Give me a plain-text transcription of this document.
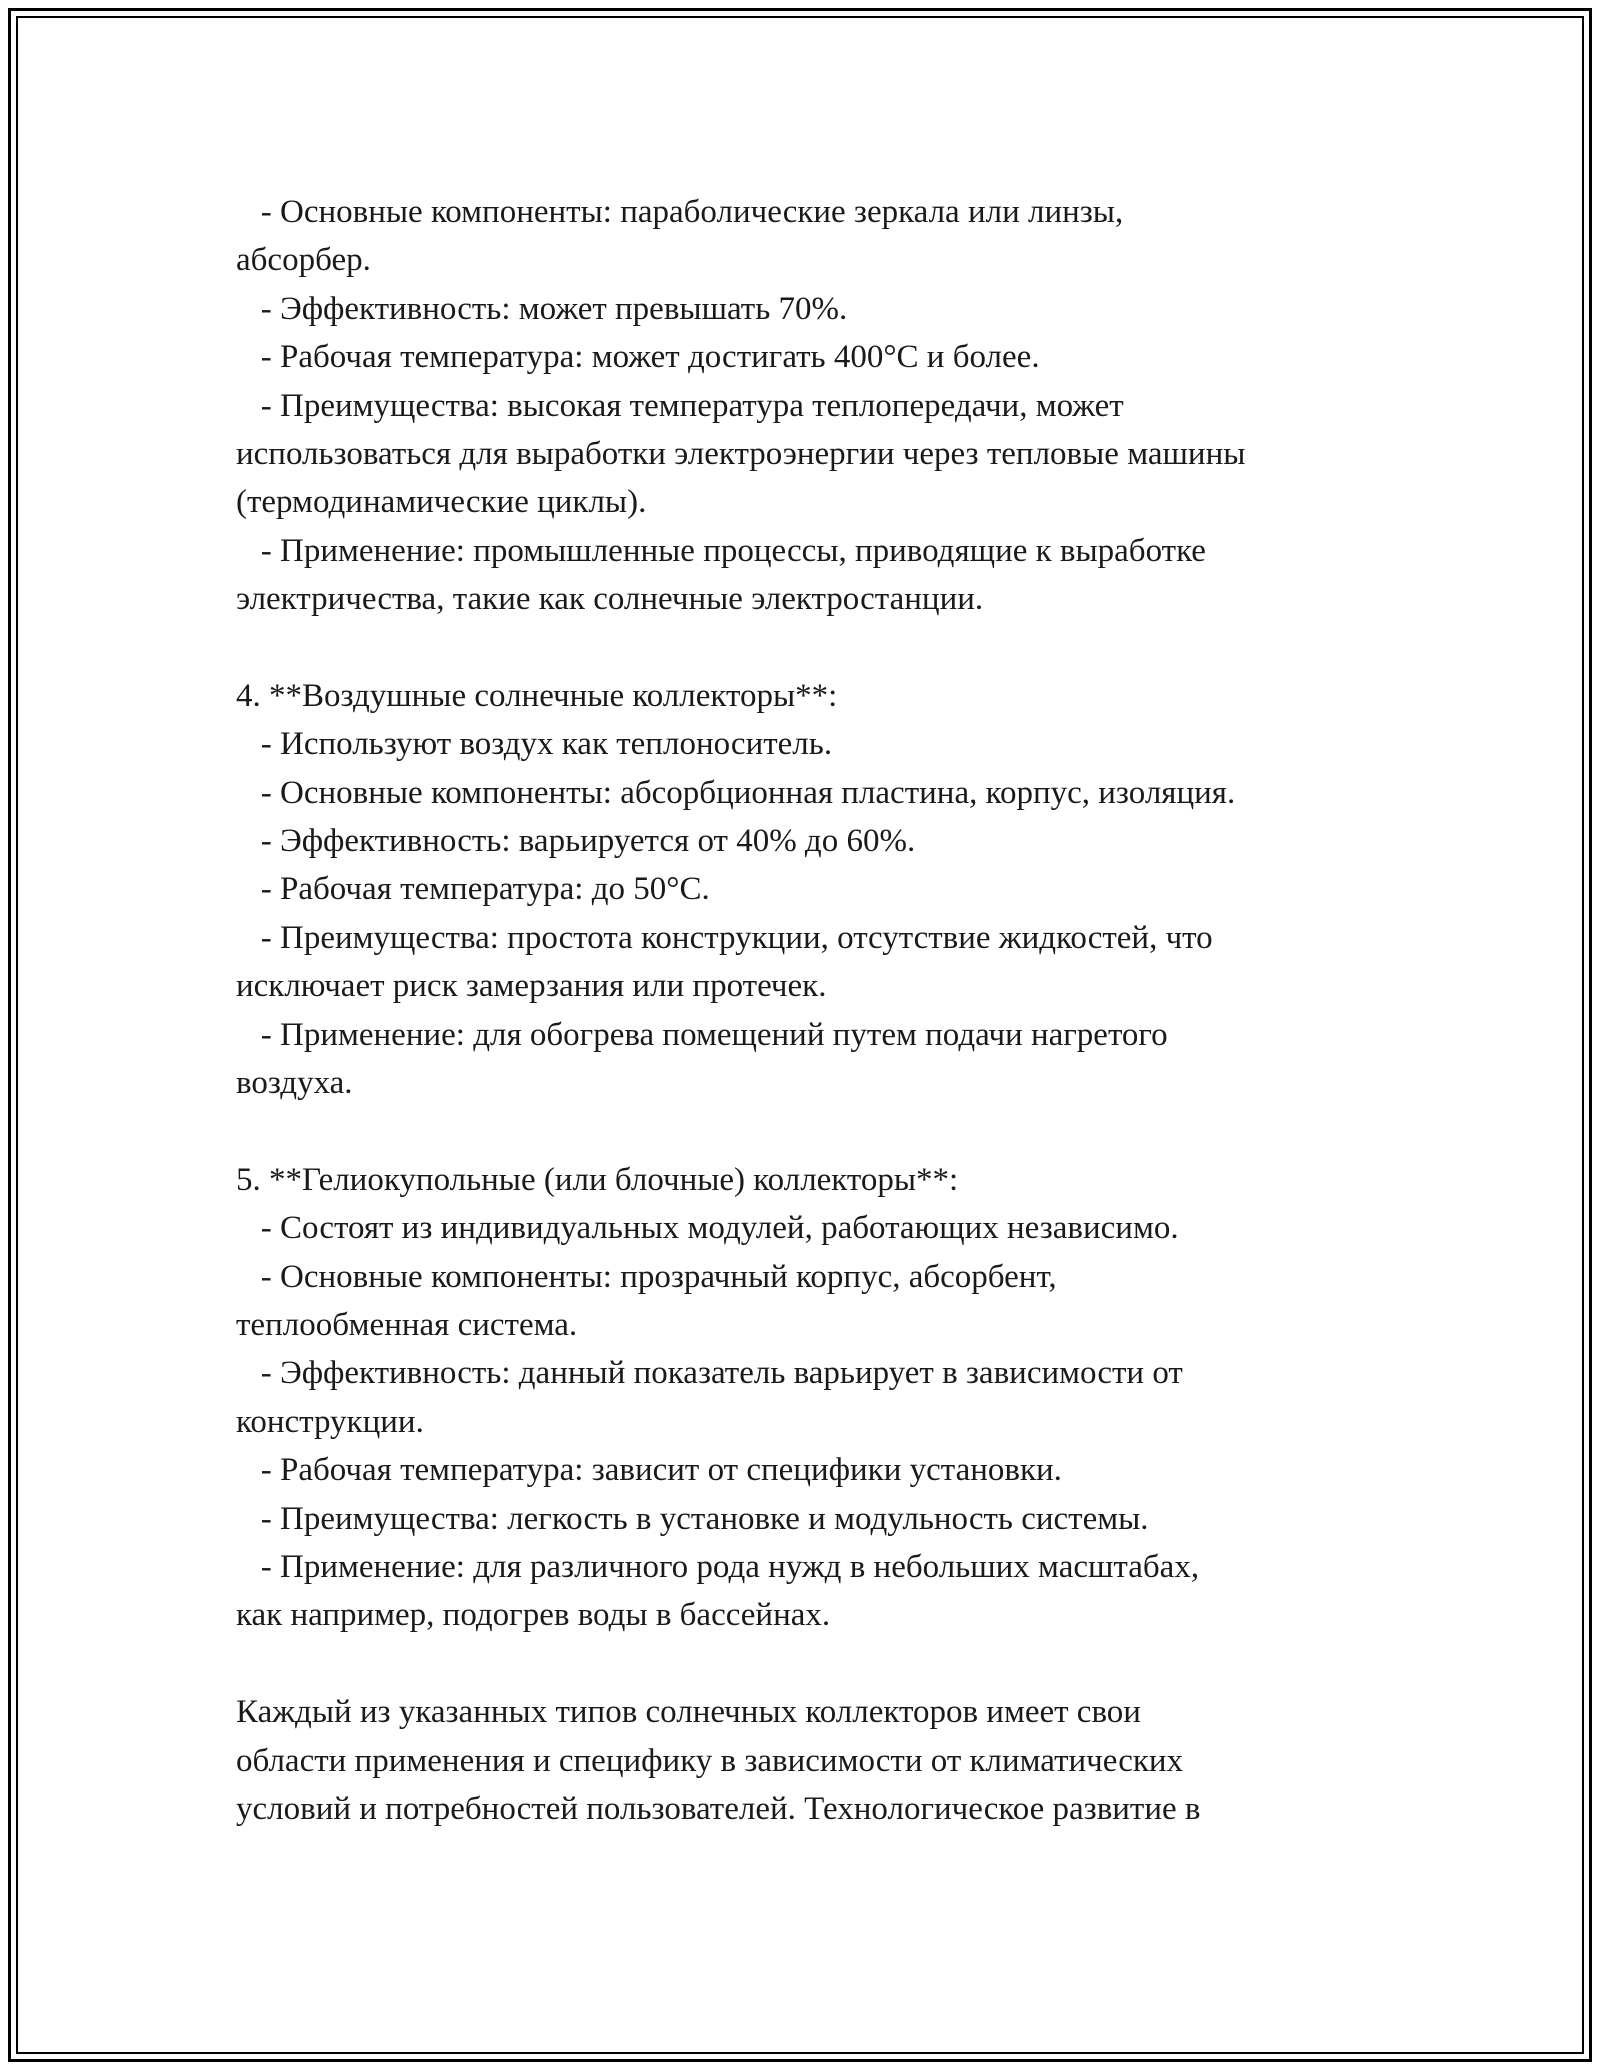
- Основные компоненты: параболические зеркала или линзы,
абсорбер.
- Эффективность: может превышать 70%.
- Рабочая температура: может достигать 400°C и более.
- Преимущества: высокая температура теплопередачи, может
использоваться для выработки электроэнергии через тепловые машины
(термодинамические циклы).
- Применение: промышленные процессы, приводящие к выработке
электричества, такие как солнечные электростанции.
4. **Воздушные солнечные коллекторы**:
- Используют воздух как теплоноситель.
- Основные компоненты: абсорбционная пластина, корпус, изоляция.
- Эффективность: варьируется от 40% до 60%.
- Рабочая температура: до 50°C.
- Преимущества: простота конструкции, отсутствие жидкостей, что
исключает риск замерзания или протечек.
- Применение: для обогрева помещений путем подачи нагретого
воздуха.
5. **Гелиокупольные (или блочные) коллекторы**:
- Состоят из индивидуальных модулей, работающих независимо.
- Основные компоненты: прозрачный корпус, абсорбент,
теплообменная система.
- Эффективность: данный показатель варьирует в зависимости от
конструкции.
- Рабочая температура: зависит от специфики установки.
- Преимущества: легкость в установке и модульность системы.
- Применение: для различного рода нужд в небольших масштабах,
как например, подогрев воды в бассейнах.
Каждый из указанных типов солнечных коллекторов имеет свои
области применения и специфику в зависимости от климатических
условий и потребностей пользователей. Технологическое развитие в
